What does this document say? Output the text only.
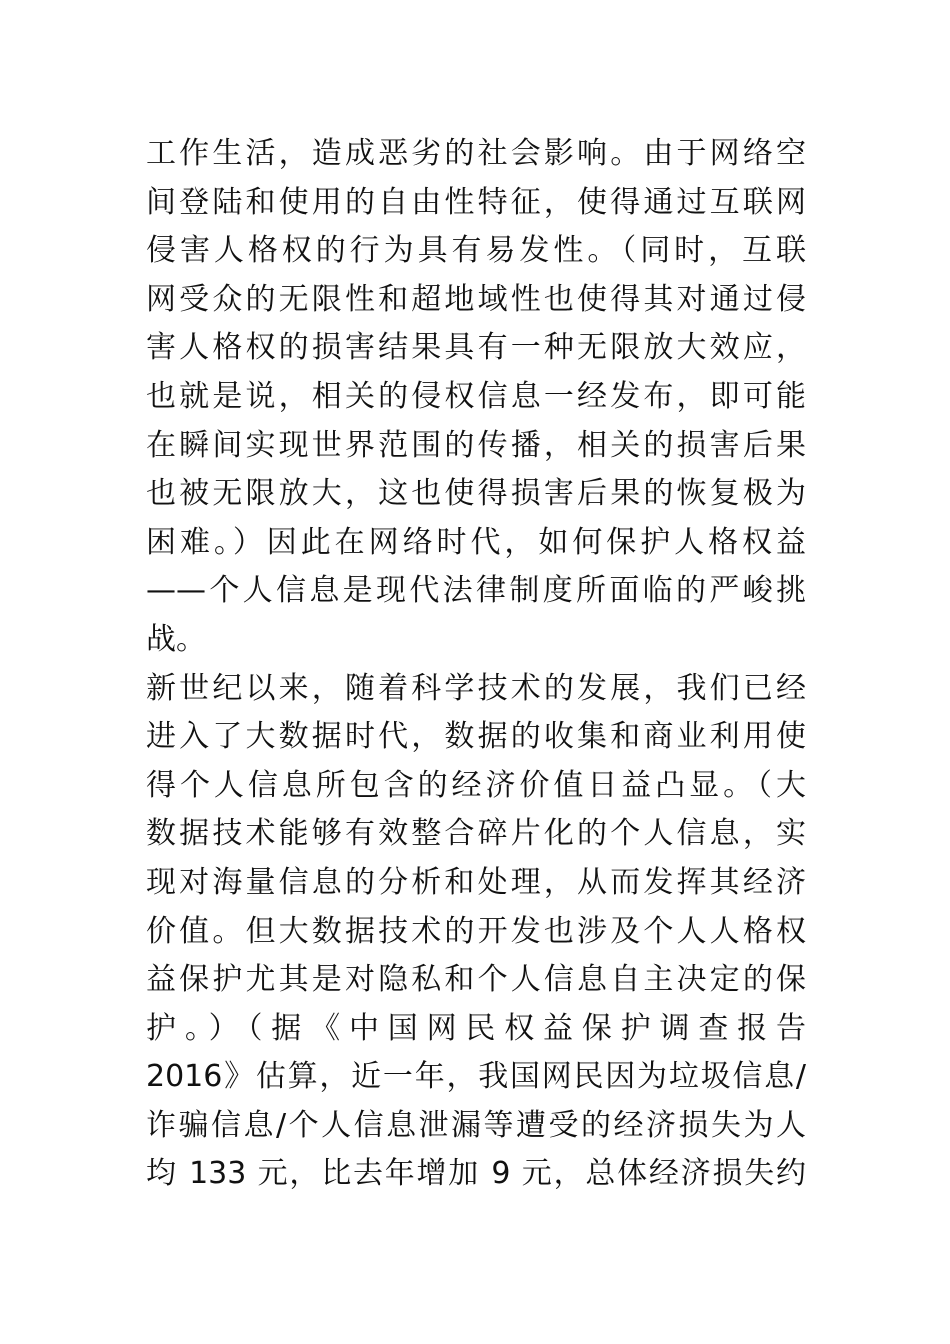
工作生活，造成恶劣的社会影响。由于网络空
间登陆和使用的自由性特征，使得通过互联网
侵害人格权的行为具有易发性。（同时，互联
网受众的无限性和超地域性也使得其对通过侵
害人格权的损害结果具有一种无限放大效应，
也就是说，相关的侵权信息一经发布，即可能
在瞬间实现世界范围的传播，相关的损害后果
也被无限放大，这也使得损害后果的恢复极为
困难。）因此在网络时代，如何保护人格权益
——个人信息是现代法律制度所面临的严峻挑
战。
新世纪以来，随着科学技术的发展，我们已经
进入了大数据时代，数据的收集和商业利用使
得个人信息所包含的经济价值日益凸显。（大
数据技术能够有效整合碎片化的个人信息，实
现对海量信息的分析和处理，从而发挥其经济
价值。但大数据技术的开发也涉及个人人格权
益保护尤其是对隐私和个人信息自主决定的保
护。）（据《中国网民权益保护调查报告
2016》估算，近一年，我国网民因为垃圾信息/
诈骗信息/个人信息泄漏等遭受的经济损失为人
均 133 元，比去年增加 9 元，总体经济损失约
